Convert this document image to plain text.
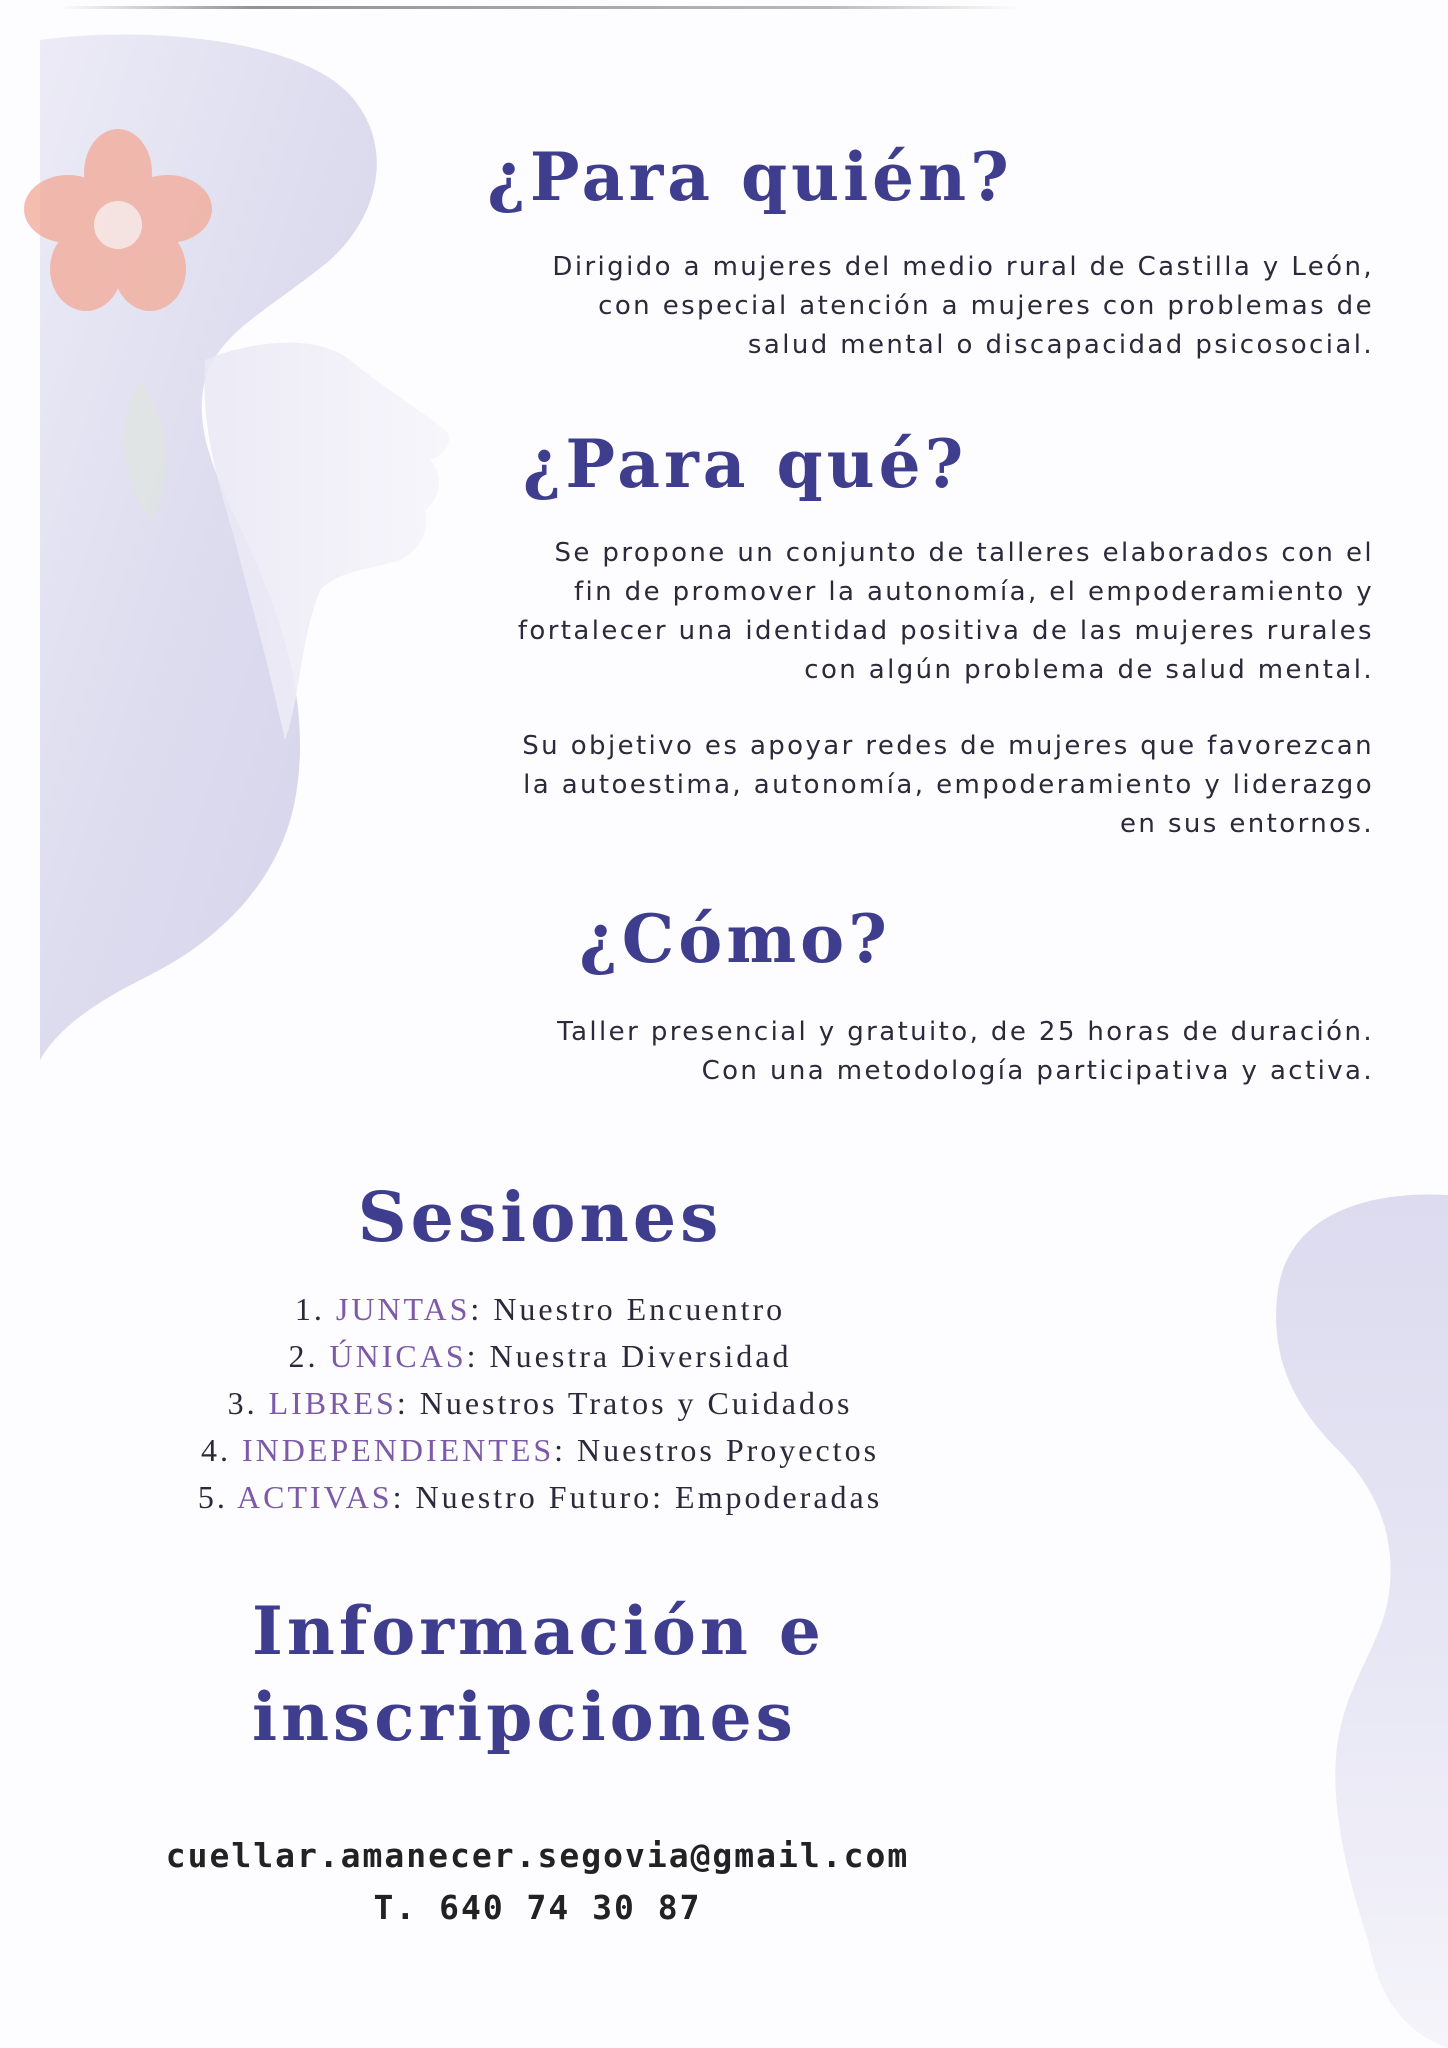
¿Para quién?

Dirigido a mujeres del medio rural de Castilla y León,
con especial atención a mujeres con problemas de
salud mental o discapacidad psicosocial.

¿Para qué?

Se propone un conjunto de talleres elaborados con el
fin de promover la autonomía, el empoderamiento y
fortalecer una identidad positiva de las mujeres rurales
con algún problema de salud mental.

Su objetivo es apoyar redes de mujeres que favorezcan
la autoestima, autonomía, empoderamiento y liderazgo
en sus entornos.

¿Cómo?

Taller presencial y gratuito, de 25 horas de duración.
Con una metodología participativa y activa.

Sesiones
1. JUNTAS: Nuestro Encuentro
2. ÚNICAS: Nuestra Diversidad
3. LIBRES: Nuestros Tratos y Cuidados
4. INDEPENDIENTES: Nuestros Proyectos
5. ACTIVAS: Nuestro Futuro: Empoderadas
Información e
inscripciones

cuellar.amanecer.segovia@gmail.com

T. 640 74 30 87
